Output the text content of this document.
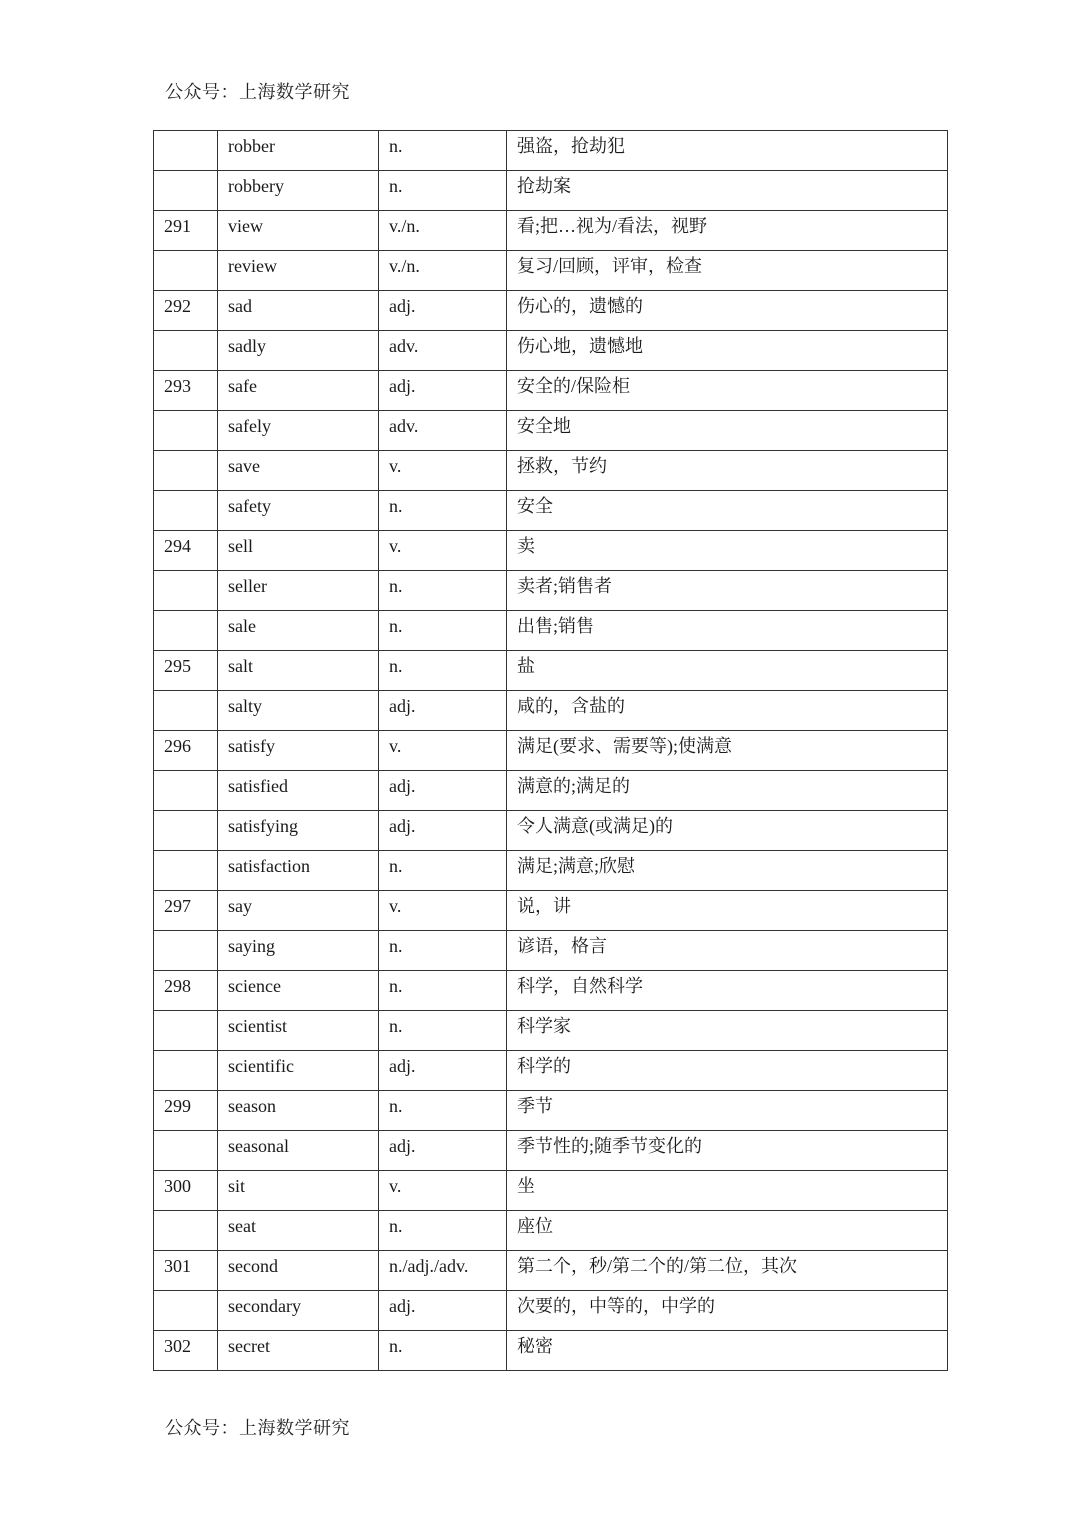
公众号：上海数学研究
	robber	n.	强盗，抢劫犯
	robbery	n.	抢劫案
291	view	v./n.	看;把…视为/看法，视野
	review	v./n.	复习/回顾，评审，检查
292	sad	adj.	伤心的，遗憾的
	sadly	adv.	伤心地，遗憾地
293	safe	adj.	安全的/保险柜
	safely	adv.	安全地
	save	v.	拯救，节约
	safety	n.	安全
294	sell	v.	卖
	seller	n.	卖者;销售者
	sale	n.	出售;销售
295	salt	n.	盐
	salty	adj.	咸的，含盐的
296	satisfy	v.	满足(要求、需要等);使满意
	satisfied	adj.	满意的;满足的
	satisfying	adj.	令人满意(或满足)的
	satisfaction	n.	满足;满意;欣慰
297	say	v.	说，讲
	saying	n.	谚语，格言
298	science	n.	科学，自然科学
	scientist	n.	科学家
	scientific	adj.	科学的
299	season	n.	季节
	seasonal	adj.	季节性的;随季节变化的
300	sit	v.	坐
	seat	n.	座位
301	second	n./adj./adv.	第二个，秒/第二个的/第二位，其次
	secondary	adj.	次要的，中等的，中学的
302	secret	n.	秘密
公众号：上海数学研究
